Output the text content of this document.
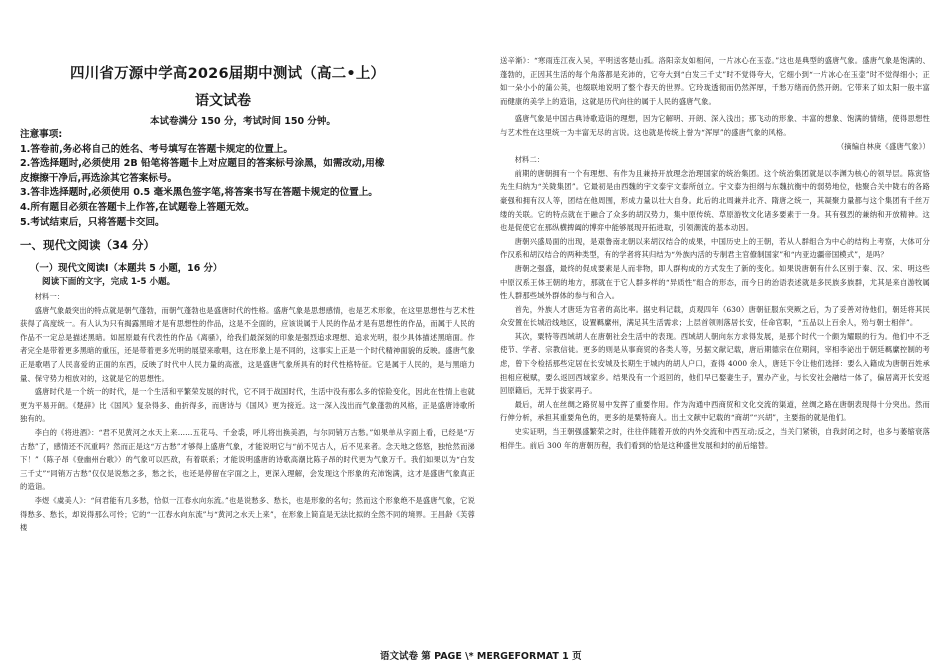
四川省万源中学高2026届期中测试（高二•上）
语文试卷
本试卷满分 150 分，考试时间 150 分钟。

注意事项:

1.答卷前,务必将自己的姓名、考号填写在答题卡规定的位置上。

2.答选择题时,必须使用 2B 铅笔将答题卡上对应题目的答案标号涂黑，如需改动,用橡

皮擦擦干净后,再选涂其它答案标号。

3.答非选择题时,必须使用 0.5 毫米黑色签字笔,将答案书写在答题卡规定的位置上。

4.所有题目必须在答题卡上作答,在试题卷上答题无效。

5.考试结束后，只将答题卡交回。

一、现代文阅读（34 分）
（一）现代文阅读Ⅰ（本题共 5 小题，16 分）
阅读下面的文字，完成 1-5 小题。

材料一：

盛唐气象最突出的特点就是朝气蓬勃，而朝气蓬勃也是盛唐时代的性格。盛唐气象是思想感情，也是艺术形象，在这里思想性与艺术性获得了高度统一。有人认为只有揭露黑暗才是有思想性的作品，这是不全面的，应该说属于人民的作品才是有思想性的作品，而属于人民的作品不一定总是描述黑暗。如屈原最有代表性的作品《离骚》，给我们最深刻的印象是强烈追求理想、追求光明，很少具体描述黑暗面。作者完全是带着更多黑暗的重压，还是带着更多光明的展望来歌唱，这在形象上是不同的，这事实上正是一个时代精神面貌的反映。盛唐气象正是歌唱了人民喜爱的正面的东西，反映了时代中人民力量的高涨，这是盛唐气象所具有的时代性格特征。它是属于人民的，是与黑暗力量、保守势力相放对的，这就是它的思想性。

盛唐时代是一个统一的时代，是一个生活和平繁荣发展的时代，它不同于战国时代，生活中没有那么多的惊险变化，因此在性情上也就更为平易开朗。《楚辞》比《国风》复杂得多、曲折得多，而唐诗与《国风》更为接近。这一深入浅出而气象蓬勃的风格，正是盛唐诗歌所独有的。

李白的《将进酒》：“君不见黄河之水天上来……五花马、千金裘，呼儿将出换美酒，与尔同销万古愁。”如果单从字面上看，已经是“万古愁”了，感情还不沉重吗？然而正是这“万古愁”才够得上盛唐气象，才能说明它与“前不见古人，后不见来者。念天地之悠悠，独怆然而涕下！”（陈子昂《登幽州台歌》）的气象可以匹敌，有着联系；才能说明盛唐的诗歌高潮比陈子昂的时代更为气象万千。我们如果以为“白发三千丈”“同销万古愁”仅仅是说愁之多，愁之长，也还是停留在字面之上，更深入理解，会发现这个形象的充沛饱满，这才是盛唐气象真正的造诣。

李煜《虞美人》：“问君能有几多愁，恰似一江春水向东流。”也是说愁多、愁长，也是形象的名句；然而这个形象绝不是盛唐气象，它说得愁多、愁长，却说得那么可怜；它的“一江春水向东流”与“黄河之水天上来”，在形象上简直是无法比拟的全然不同的境界。王昌龄《芙蓉楼

送辛渐》：“寒雨连江夜入吴，平明送客楚山孤。洛阳亲友如相问，一片冰心在玉壶。”这也是典型的盛唐气象。盛唐气象是饱满的、蓬勃的，正因其生活的每个角落都是充沛的，它夸大到“白发三千丈”时不觉得夸大，它细小到“一片冰心在玉壶”时不觉得细小；正如一朵小小的蒲公英，也缀联地说明了整个春天的世界。它玲珑透彻而仍然浑厚，千愁万绪而仍然开朗。它带来了如太阳一般丰富而健康的美学上的造诣，这就是历代向往的属于人民的盛唐气象。

盛唐气象是中国古典诗歌造诣的理想，因为它解明、开朗、深入浅出；那飞动的形象、丰富的想象、饱满的情绪，使得思想性与艺术性在这里统一为丰富无尽的言说。这也就是传统上誉为“浑厚”的盛唐气象的风格。

（摘编自林庚《盛唐气象》）

材料二：

前期的唐朝拥有一个有理想、有作为且兼持开放理念治理国家的统治集团。这个统治集团就是以李渊为核心的领导层。陈寅恪先生归纳为“关陇集团”。它最初是由西魏的宇文泰宇文泰所创立。宇文泰为担纲与东魏抗衡中的弱势地位，他聚合关中陇右的各路豪强和拥有汉人等，团结在他周围，形成力量以壮大自身。此后的北周兼并北齐、隋唐之统一，其凝聚力量都与这个集团有千丝万缕的关联。它的特点就在于融合了众多的胡汉势力，集中原传统、草原游牧文化诸多要素于一身。其有强烈的兼纳和开放精神。这也是促使它在那纵横捭阖的博弈中能够展现开拓进取，引领潮流的基本动因。

唐朝兴盛局面的出现，是艰鲁南北朝以来胡汉结合的成果，中国历史上的王朝，若从人群组合为中心的结构上考察，大体可分作汉系和胡汉结合的两种类型，有的学者将其归结为“外族内活的专制君主官僚制国家”和“内亚边疆帝国模式”，是吗？

唐朝之强盛，最终的促成要素是人而非物，即人群构成的方式发生了新的变化。如果说唐朝有什么区别于秦、汉、宋、明这些中原汉系王体王朝的地方，那就在于它人群多样的“异质性”组合的形态，而今日的治语表述就是多民族多族群，尤其是来自游牧属性人群那些域外群体的参与和合入。

首先，外族人才唐廷为官者的高比率。据史料记载，贞观四年（630）唐朝征服东突厥之后，为了妥善对待他们，朝廷将其民众安置在长城沿线地区，设置羁縻州，满足其生活需求；上层首领则落居长安，任命官职，“五品以上百余人，殆与朝士相伴”。

其次，粟特等西域胡人在唐朝社会生活中的表现。西域胡人朝向东方求得发展，是那个时代一个颇为耀眼的行为。他们中不乏使节、学者、宗教信徒。更多的则是从事商贸的各类人等，另据文献记载，唐后期德宗在位期间，宰相李泌出于朝廷羁縻控制的考虑，曾下令检括那些定居在长安城及长期生于城内的胡人户口，查得 4000 余人，唐廷下令让他们选择：要么入籍成为唐朝百姓承担相应税赋，要么返回西域家乡。结果没有一个返回的，他们早已娶妻生子，置办产业，与长安社会融结一体了，偏居离开长安返回原籍后，无异于拔家再子。

最后，胡人在丝绸之路贸易中发挥了重要作用。作为沟通中西商贸和文化交流的渠道，丝绸之路在唐朝表现得十分突出。然而行伸分析，承担其重要角色的，更多的是粟特商人。出土文献中记载的“商胡”“兴胡”，主要指的就是他们。

史实证明，当王朝强盛繁荣之时，往往伴随着开放的内外交流和中西互动;反之，当关门紧锁，自我封闭之时，也多与萎缩衰落相伴生。前后 300 年的唐朝历程，我们看到的恰是这种盛世发展和封的前后缩替。

语文试卷 第 PAGE \* MERGEFORMAT 1 页
